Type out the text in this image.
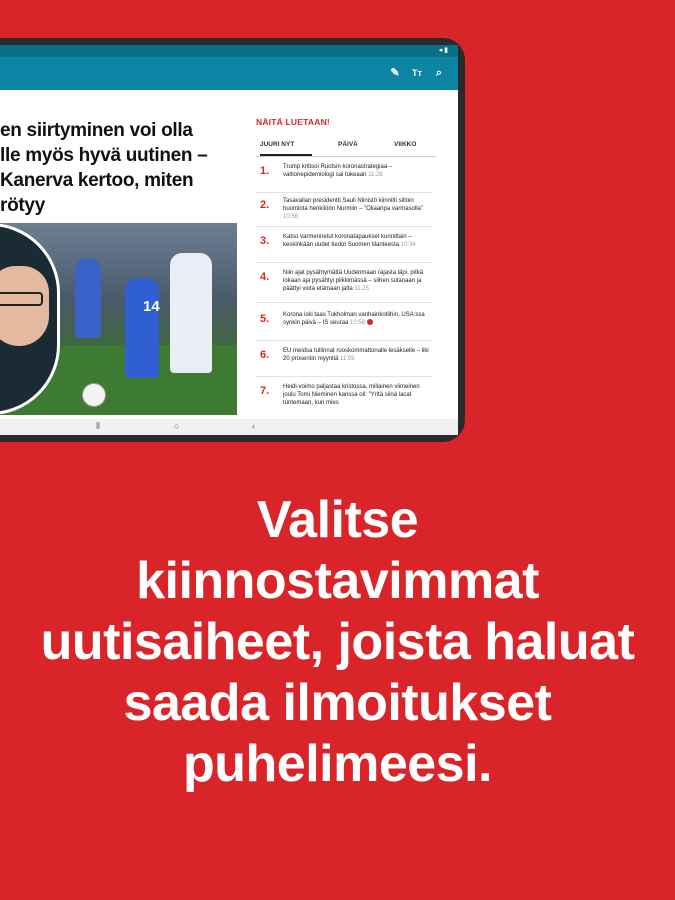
◂ ▮
✎ Tт	⌕
en siirtyminen voi olla
lle myös hyvä uutinen –
Kanerva kertoo, miten
rötyy
14
NÄITÄ LUETAAN!
JUURI NYT	PÄIVÄ	VIIKKO
1. Trump kritisoi Ruotsin koronastrategiaa – valtionepidemiologi sai tukeaan 11:28
2. Tasavallan presidentti Sauli Niinistö kiinnitti silloin huomiota henkilöön Nurmiin – "Oliaanpa varmasolla" 10:58
3. Katso varmennetut koronatapaukset kunnittain – keskinkään uudet tiedot Suomen tilanteesta 10:34
4. Niin ajat pysähtymättä Uudenmaan rajasta läpi, pitkä lokaan aja pysähtyi pilkkimässä – siihen sulanaan ja päättyi viota etämaan jalta 11:25
5. Korona iski taas Tukholman vanhainkotiihin, USA:ssa synkin päivä – IS seuraa 10:58
6. EU meidsa tullinnat ruoskommattonalle lesäkselle – liki 20 prosentin myyntiä 11:05
7. Heidi-voimo paljastaa kristossa, millainen viimeinen joulu Tomi Nieminen kanssa oli: "Yritä siinä lacat tuntemaan, kun mies
⦀	○	‹
Valitse
kiinnostavimmat
uutisaiheet, joista haluat
saada ilmoitukset
puhelimeesi.
